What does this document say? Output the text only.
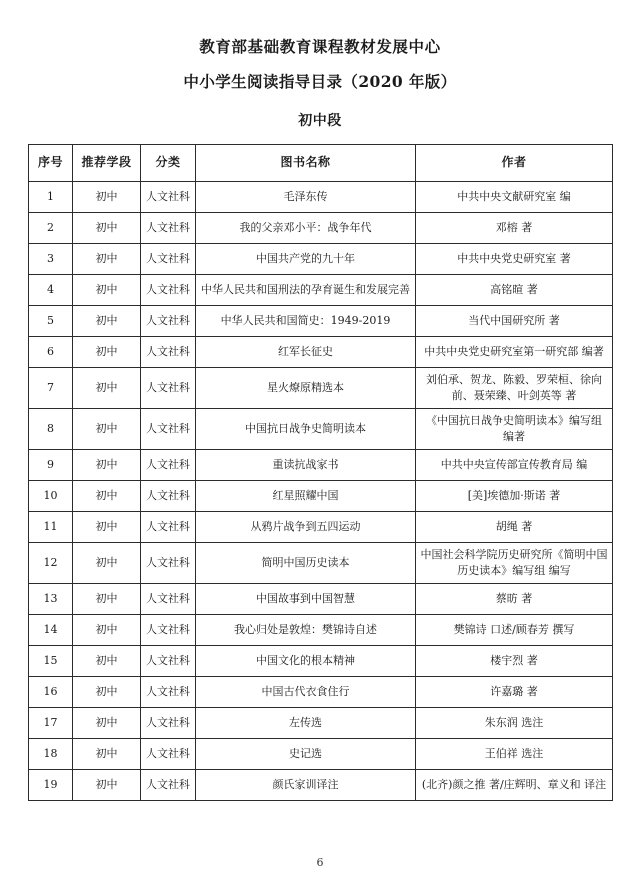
教育部基础教育课程教材发展中心
中小学生阅读指导目录（2020 年版）
初中段
序号	推荐学段	分类	图书名称	作者
1	初中	人文社科	毛泽东传	中共中央文献研究室 编
2	初中	人文社科	我的父亲邓小平：战争年代	邓榕 著
3	初中	人文社科	中国共产党的九十年	中共中央党史研究室 著
4	初中	人文社科	中华人民共和国刑法的孕育诞生和发展完善	高铭暄 著
5	初中	人文社科	中华人民共和国简史：1949-2019	当代中国研究所 著
6	初中	人文社科	红军长征史	中共中央党史研究室第一研究部 编著
7	初中	人文社科	星火燎原精选本	刘伯承、贺龙、陈毅、罗荣桓、徐向前、聂荣臻、叶剑英等 著
8	初中	人文社科	中国抗日战争史简明读本	《中国抗日战争史简明读本》编写组 编著
9	初中	人文社科	重读抗战家书	中共中央宣传部宣传教育局 编
10	初中	人文社科	红星照耀中国	[美]埃德加·斯诺 著
11	初中	人文社科	从鸦片战争到五四运动	胡绳 著
12	初中	人文社科	简明中国历史读本	中国社会科学院历史研究所《简明中国历史读本》编写组 编写
13	初中	人文社科	中国故事到中国智慧	蔡昉 著
14	初中	人文社科	我心归处是敦煌：樊锦诗自述	樊锦诗 口述/顾春芳 撰写
15	初中	人文社科	中国文化的根本精神	楼宇烈 著
16	初中	人文社科	中国古代衣食住行	许嘉璐 著
17	初中	人文社科	左传选	朱东润 选注
18	初中	人文社科	史记选	王伯祥 选注
19	初中	人文社科	颜氏家训译注	(北齐)颜之推 著/庄辉明、章义和 译注
6
